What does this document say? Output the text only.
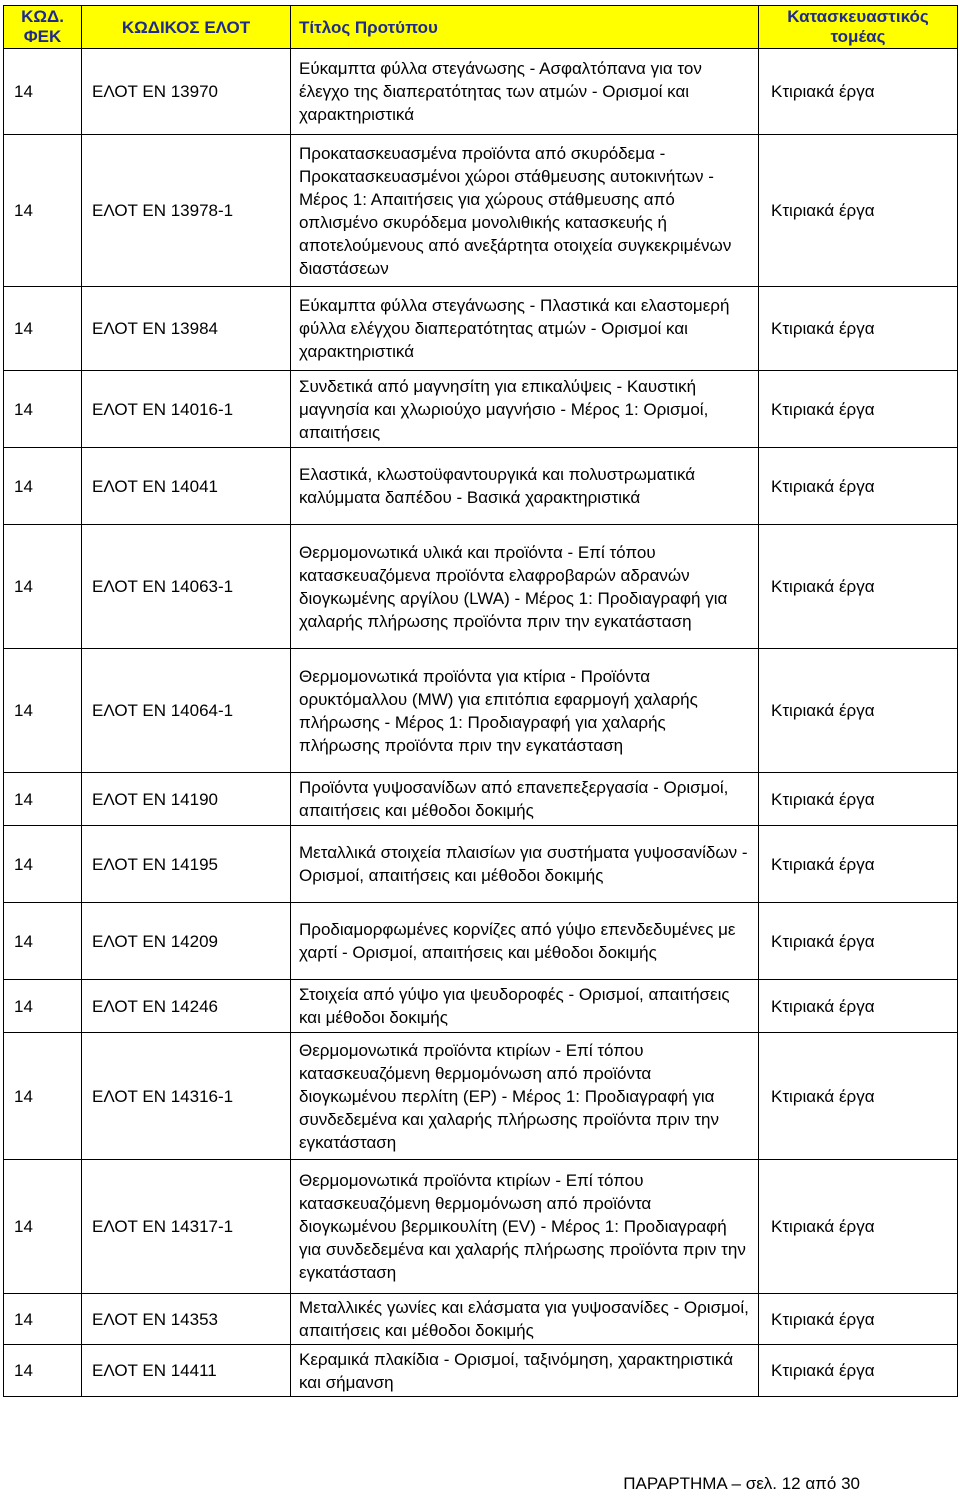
ΚΩΔ. ΦΕΚ	ΚΩΔΙΚΟΣ ΕΛΟΤ	Τίτλος Προτύπου	Κατασκευαστικός τομέας
14	ΕΛΟΤ EN 13970	Εύκαμπτα φύλλα στεγάνωσης - Ασφαλτόπανα για τον έλεγχο της διαπερατότητας των ατμών - Ορισμοί και χαρακτηριστικά	Κτιριακά έργα
14	ΕΛΟΤ EN 13978-1	Προκατασκευασμένα προϊόντα από σκυρόδεμα - Προκατασκευασμένοι χώροι στάθμευσης αυτοκινήτων - Μέρος 1: Απαιτήσεις για χώρους στάθμευσης από οπλισμένο σκυρόδεμα μονολιθικής κατασκευής ή αποτελούμενους από ανεξάρτητα οτοιχεία συγκεκριμένων διαστάσεων	Κτιριακά έργα
14	ΕΛΟΤ EN 13984	Εύκαμπτα φύλλα στεγάνωσης - Πλαστικά και ελαστομερή φύλλα ελέγχου διαπερατότητας ατμών - Ορισμοί και χαρακτηριστικά	Κτιριακά έργα
14	ΕΛΟΤ EN 14016-1	Συνδετικά από μαγνησίτη για επικαλύψεις - Καυστική μαγνησία και χλωριούχο μαγνήσιο - Μέρος 1: Ορισμοί, απαιτήσεις	Κτιριακά έργα
14	ΕΛΟΤ EN 14041	Ελαστικά, κλωστοϋφαντουργικά και πολυστρωματικά καλύμματα δαπέδου - Βασικά χαρακτηριστικά	Κτιριακά έργα
14	ΕΛΟΤ EN 14063-1	Θερμομονωτικά υλικά και προϊόντα - Επί τόπου κατασκευαζόμενα προϊόντα ελαφροβαρών αδρανών διογκωμένης αργίλου (LWA) - Μέρος 1: Προδιαγραφή για χαλαρής πλήρωσης προϊόντα πριν την εγκατάσταση	Κτιριακά έργα
14	ΕΛΟΤ EN 14064-1	Θερμομονωτικά προϊόντα για κτίρια - Προϊόντα ορυκτόμαλλου (MW) για επιτόπια εφαρμογή χαλαρής πλήρωσης - Μέρος 1: Προδιαγραφή για χαλαρής πλήρωσης προϊόντα πριν την εγκατάσταση	Κτιριακά έργα
14	ΕΛΟΤ EN 14190	Προϊόντα γυψοσανίδων από επανεπεξεργασία - Ορισμοί, απαιτήσεις και μέθοδοι δοκιμής	Κτιριακά έργα
14	ΕΛΟΤ EN 14195	Μεταλλικά στοιχεία πλαισίων για συστήματα γυψοσανίδων - Ορισμοί, απαιτήσεις και μέθοδοι δοκιμής	Κτιριακά έργα
14	ΕΛΟΤ EN 14209	Προδιαμορφωμένες κορνίζες από γύψο επενδεδυμένες με χαρτί - Ορισμοί, απαιτήσεις και μέθοδοι δοκιμής	Κτιριακά έργα
14	ΕΛΟΤ EN 14246	Στοιχεία από γύψο για ψευδοροφές - Ορισμοί, απαιτήσεις και μέθοδοι δοκιμής	Κτιριακά έργα
14	ΕΛΟΤ EN 14316-1	Θερμομονωτικά προϊόντα κτιρίων - Επί τόπου κατασκευαζόμενη θερμομόνωση από προϊόντα διογκωμένου περλίτη (EP) - Μέρος 1: Προδιαγραφή για συνδεδεμένα και χαλαρής πλήρωσης προϊόντα πριν την εγκατάσταση	Κτιριακά έργα
14	ΕΛΟΤ EN 14317-1	Θερμομονωτικά προϊόντα κτιρίων - Επί τόπου κατασκευαζόμενη θερμομόνωση από προϊόντα διογκωμένου βερμικουλίτη (EV) - Μέρος 1: Προδιαγραφή για συνδεδεμένα και χαλαρής πλήρωσης προϊόντα πριν την εγκατάσταση	Κτιριακά έργα
14	ΕΛΟΤ EN 14353	Μεταλλικές γωνίες και ελάσματα για γυψοσανίδες - Ορισμοί, απαιτήσεις και μέθοδοι δοκιμής	Κτιριακά έργα
14	ΕΛΟΤ EN 14411	Κεραμικά πλακίδια - Ορισμοί, ταξινόμηση, χαρακτηριστικά και σήμανση	Κτιριακά έργα
ΠΑΡΑΡΤΗΜΑ – σελ. 12 από 30
